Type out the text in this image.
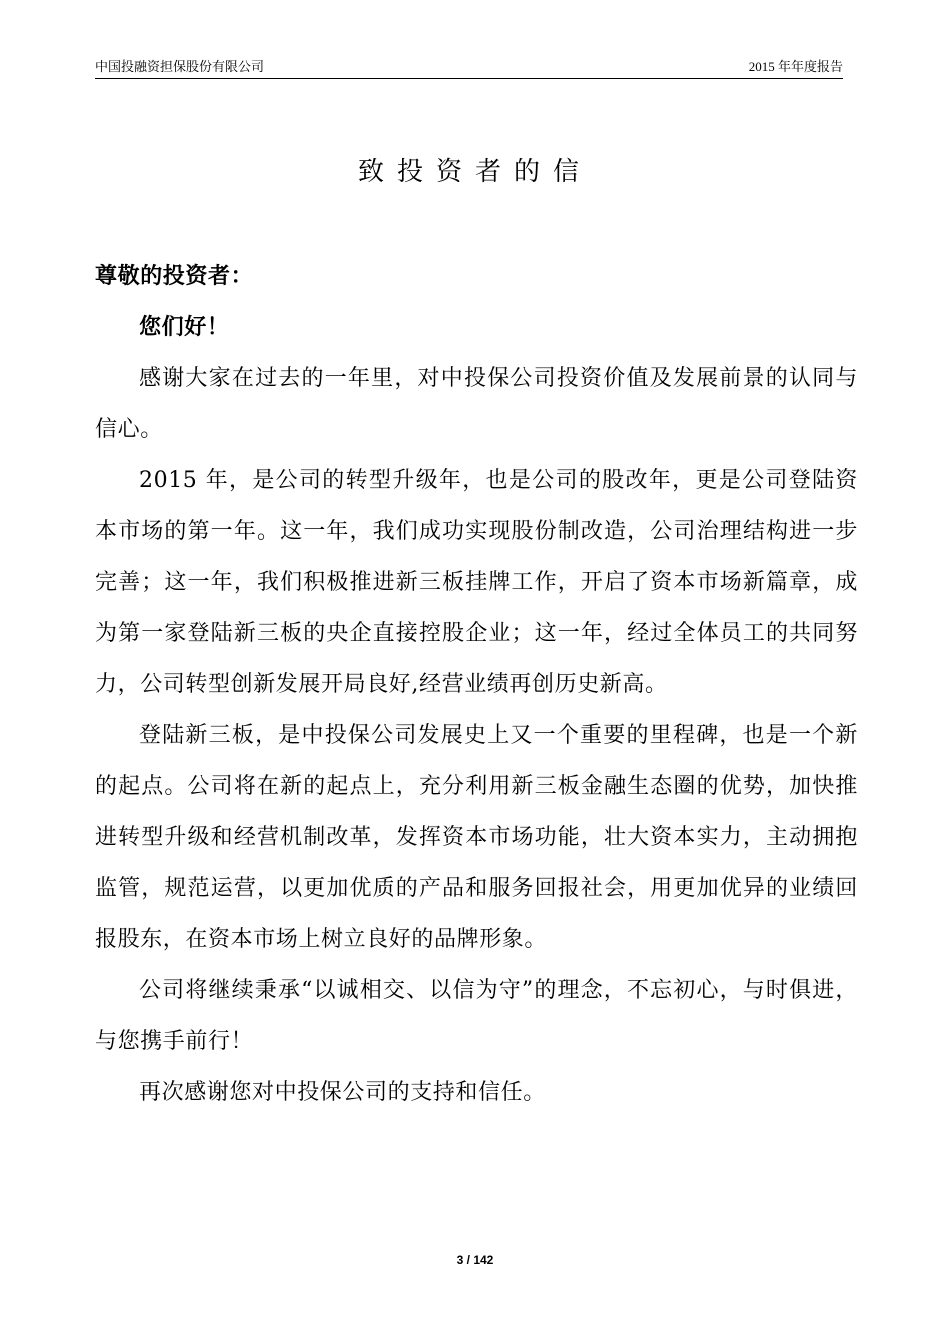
中国投融资担保股份有限公司	2015 年年度报告
致投资者的信

尊敬的投资者：

您们好！

感谢大家在过去的一年里，对中投保公司投资价值及发展前景的认同与信心。

2015 年，是公司的转型升级年，也是公司的股改年，更是公司登陆资本市场的第一年。这一年，我们成功实现股份制改造，公司治理结构进一步完善；这一年，我们积极推进新三板挂牌工作，开启了资本市场新篇章，成为第一家登陆新三板的央企直接控股企业；这一年，经过全体员工的共同努力，公司转型创新发展开局良好,经营业绩再创历史新高。

登陆新三板，是中投保公司发展史上又一个重要的里程碑，也是一个新的起点。公司将在新的起点上，充分利用新三板金融生态圈的优势，加快推进转型升级和经营机制改革，发挥资本市场功能，壮大资本实力，主动拥抱监管，规范运营，以更加优质的产品和服务回报社会，用更加优异的业绩回报股东，在资本市场上树立良好的品牌形象。

公司将继续秉承“以诚相交、以信为守”的理念，不忘初心，与时俱进，与您携手前行！

再次感谢您对中投保公司的支持和信任。

3 / 142
